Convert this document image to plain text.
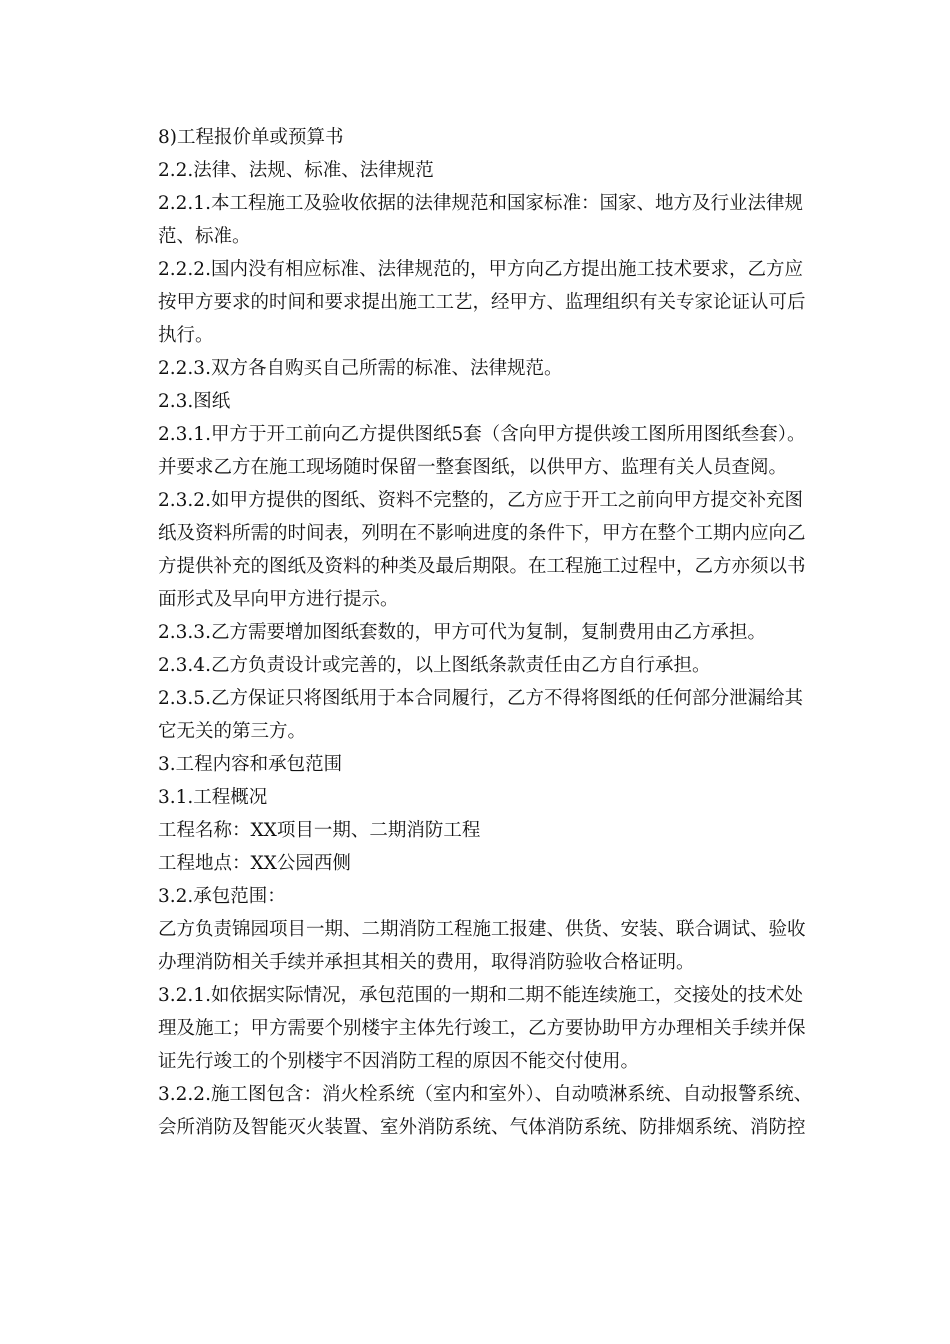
8)工程报价单或预算书
2.2.法律、法规、标准、法律规范
2.2.1.本工程施工及验收依据的法律规范和国家标准：国家、地方及行业法律规
范、标准。
2.2.2.国内没有相应标准、法律规范的，甲方向乙方提出施工技术要求，乙方应
按甲方要求的时间和要求提出施工工艺，经甲方、监理组织有关专家论证认可后
执行。
2.2.3.双方各自购买自己所需的标准、法律规范。
2.3.图纸
2.3.1.甲方于开工前向乙方提供图纸5套（含向甲方提供竣工图所用图纸叁套）。
并要求乙方在施工现场随时保留一整套图纸，以供甲方、监理有关人员查阅。
2.3.2.如甲方提供的图纸、资料不完整的，乙方应于开工之前向甲方提交补充图
纸及资料所需的时间表，列明在不影响进度的条件下，甲方在整个工期内应向乙
方提供补充的图纸及资料的种类及最后期限。在工程施工过程中，乙方亦须以书
面形式及早向甲方进行提示。
2.3.3.乙方需要增加图纸套数的，甲方可代为复制，复制费用由乙方承担。
2.3.4.乙方负责设计或完善的，以上图纸条款责任由乙方自行承担。
2.3.5.乙方保证只将图纸用于本合同履行，乙方不得将图纸的任何部分泄漏给其
它无关的第三方。
3.工程内容和承包范围
3.1.工程概况
工程名称：XX项目一期、二期消防工程
工程地点：XX公园西侧
3.2.承包范围：
乙方负责锦园项目一期、二期消防工程施工报建、供货、安装、联合调试、验收
办理消防相关手续并承担其相关的费用，取得消防验收合格证明。
3.2.1.如依据实际情况，承包范围的一期和二期不能连续施工，交接处的技术处
理及施工；甲方需要个别楼宇主体先行竣工，乙方要协助甲方办理相关手续并保
证先行竣工的个别楼宇不因消防工程的原因不能交付使用。
3.2.2.施工图包含：消火栓系统（室内和室外）、自动喷淋系统、自动报警系统、
会所消防及智能灭火装置、室外消防系统、气体消防系统、防排烟系统、消防控
